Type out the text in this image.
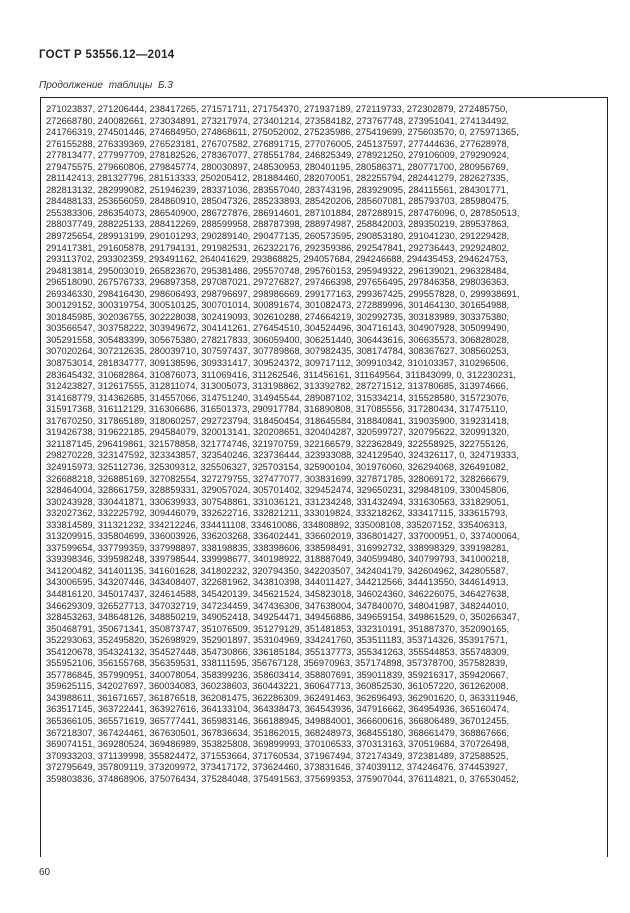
ГОСТ Р 53556.12—2014
Продолжение таблицы Б.3
271023837, 271206444, 238417265, 271571711, 271754370, 271937189, 272119733, 272302879, 272485750,
272668780, 240082661, 273034891, 273217974, 273401214, 273584182, 273767748, 273951041, 274134492,
241766319, 274501446, 274684950, 274868611, 275052002, 275235986, 275419699, 275603570, 0, 275971365,
276155288, 276339369, 276523181, 276707582, 276891715, 277076005, 245137597, 277444636, 277628978,
277813477, 277997709, 278182526, 278367077, 278551784, 246825349, 278921250, 279106009, 279290924,
279475575, 279660806, 279845774, 280030897, 248530953, 280401195, 280586371, 280771700, 280956769,
281142413, 281327796, 281513333, 250205412, 281884460, 282070051, 282255794, 282441279, 282627335,
282813132, 282999082, 251946239, 283371036, 283557040, 283743196, 283929095, 284115561, 284301771,
284488133, 253656059, 284860910, 285047326, 285233893, 285420206, 285607081, 285793703, 285980475,
255383306, 286354073, 286540900, 286727876, 286914601, 287101884, 287288915, 287476096, 0, 287850513,
288037749, 288225133, 288412269, 288599958, 288787398, 288974987, 258842003, 289350219, 289537863,
289725654, 289913199, 290101293, 290289140, 290477135, 260573595, 290853180, 291041230, 291229428,
291417381, 291605878, 291794131, 291982531, 262322176, 292359386, 292547841, 292736443, 292924802,
293113702, 293302359, 293491162, 264041629, 293868825, 294057684, 294246688, 294435453, 294624753,
294813814, 295003019, 265823670, 295381486, 295570748, 295760153, 295949322, 296139021, 296328484,
296518090, 267576733, 296897358, 297087021, 297276827, 297466398, 297656495, 297846358, 298036363,
269346330, 298416430, 298606493, 298796697, 298986669, 299177163, 299367425, 299557828, 0, 299938691,
300129152, 300319754, 300510125, 300701014, 300891674, 301082473, 272889996, 301464130, 301654988,
301845985, 302036755, 302228038, 302419093, 302610288, 274664219, 302992735, 303183989, 303375380,
303566547, 303758222, 303949672, 304141261, 276454510, 304524496, 304716143, 304907928, 305099490,
305291558, 305483399, 305675380, 278217833, 306059400, 306251440, 306443616, 306635573, 306828028,
307020264, 307212635, 280039710, 307597437, 307789868, 307982435, 308174784, 308367627, 308560253,
308753014, 281834777, 309138596, 309331417, 309524372, 309717112, 309910342, 310103357, 310296506,
283645432, 310682864, 310876073, 311069416, 311262546, 311456161, 311649564, 311843099, 0, 312230231,
312423827, 312617555, 312811074, 313005073, 313198862, 313392782, 287271512, 313780685, 313974666,
314168779, 314362685, 314557066, 314751240, 314945544, 289087102, 315334214, 315528580, 315723076,
315917368, 316112129, 316306686, 316501373, 290917784, 316890808, 317085556, 317280434, 317475110,
317670250, 317865189, 318060257, 292723794, 318450454, 318645584, 318840841, 319035900, 319231418,
319426738, 319622185, 294584079, 320013141, 320208651, 320404287, 320599727, 320795622, 320991320,
321187145, 296419861, 321578858, 321774746, 321970759, 322166579, 322362849, 322558925, 322755126,
298270228, 323147592, 323343857, 323540246, 323736444, 323933088, 324129540, 324326117, 0, 324719333,
324915973, 325112736, 325309312, 325506327, 325703154, 325900104, 301976060, 326294068, 326491082,
326688218, 326885169, 327082554, 327279755, 327477077, 303831699, 327871785, 328069172, 328266679,
328464004, 328661759, 328859331, 329057024, 305701402, 329452474, 329650231, 329848109, 330045806,
330243928, 330441871, 330639933, 307548861, 331036121, 331234248, 331432494, 331630563, 331829051,
332027362, 332225792, 309446079, 332622716, 332821211, 333019824, 333218262, 333417115, 333615793,
333814589, 311321232, 334212246, 334411108, 334610086, 334808892, 335008108, 335207152, 335406313,
313209915, 335804699, 336003926, 336203268, 336402441, 336602019, 336801427, 337000951, 0, 337400064,
337599654, 337799359, 337998897, 338198835, 338398606, 338598491, 316992732, 338998329, 339198281,
339398346, 339598248, 339798544, 339998677, 340198922, 318887049, 340599480, 340799793, 341000218,
341200482, 341401135, 341601628, 341802232, 320794350, 342203507, 342404179, 342604962, 342805587,
343006595, 343207446, 343408407, 322681962, 343810398, 344011427, 344212566, 344413550, 344614913,
344816120, 345017437, 324614588, 345420139, 345621524, 345823018, 346024360, 346226075, 346427638,
346629309, 326527713, 347032719, 347234459, 347436306, 347638004, 347840070, 348041987, 348244010,
328453263, 348648126, 348850219, 349052418, 349254471, 349456886, 349659154, 349861529, 0, 350266347,
350468791, 350671341, 350873747, 351076509, 351279129, 351481853, 332310191, 351887370, 352090165,
352293063, 352495820, 352698929, 352901897, 353104969, 334241760, 353511183, 353714326, 353917571,
354120678, 354324132, 354527448, 354730866, 336185184, 355137773, 355341263, 355544853, 355748309,
355952106, 356155768, 356359531, 338111595, 356767128, 356970963, 357174898, 357378700, 357582839,
357786845, 357990951, 340078054, 358399236, 358603414, 358807691, 359011839, 359216317, 359420667,
359625115, 342027697, 360034083, 360238603, 360443221, 360647713, 360852530, 361057220, 361262008,
343988611, 361671657, 361876518, 362081475, 362286309, 362491463, 362696493, 362901620, 0, 363311946,
363517145, 363722441, 363927616, 364133104, 364338473, 364543936, 347916662, 364954936, 365160474,
365366105, 365571619, 365777441, 365983146, 366188945, 349884001, 366600616, 366806489, 367012455,
367218307, 367424461, 367630501, 367836634, 351862015, 368248973, 368455180, 368661479, 368867666,
369074151, 369280524, 369486989, 353825808, 369899993, 370106533, 370313163, 370519684, 370726498,
370933203, 371139998, 355824472, 371553664, 371760534, 371967494, 372174349, 372381489, 372588525,
372795649, 357809119, 373209972, 373417172, 373624460, 373831646, 374039112, 374246476, 374453927,
359803836, 374868906, 375076434, 375284048, 375491563, 375699353, 375907044, 376114821, 0, 376530452,
60
